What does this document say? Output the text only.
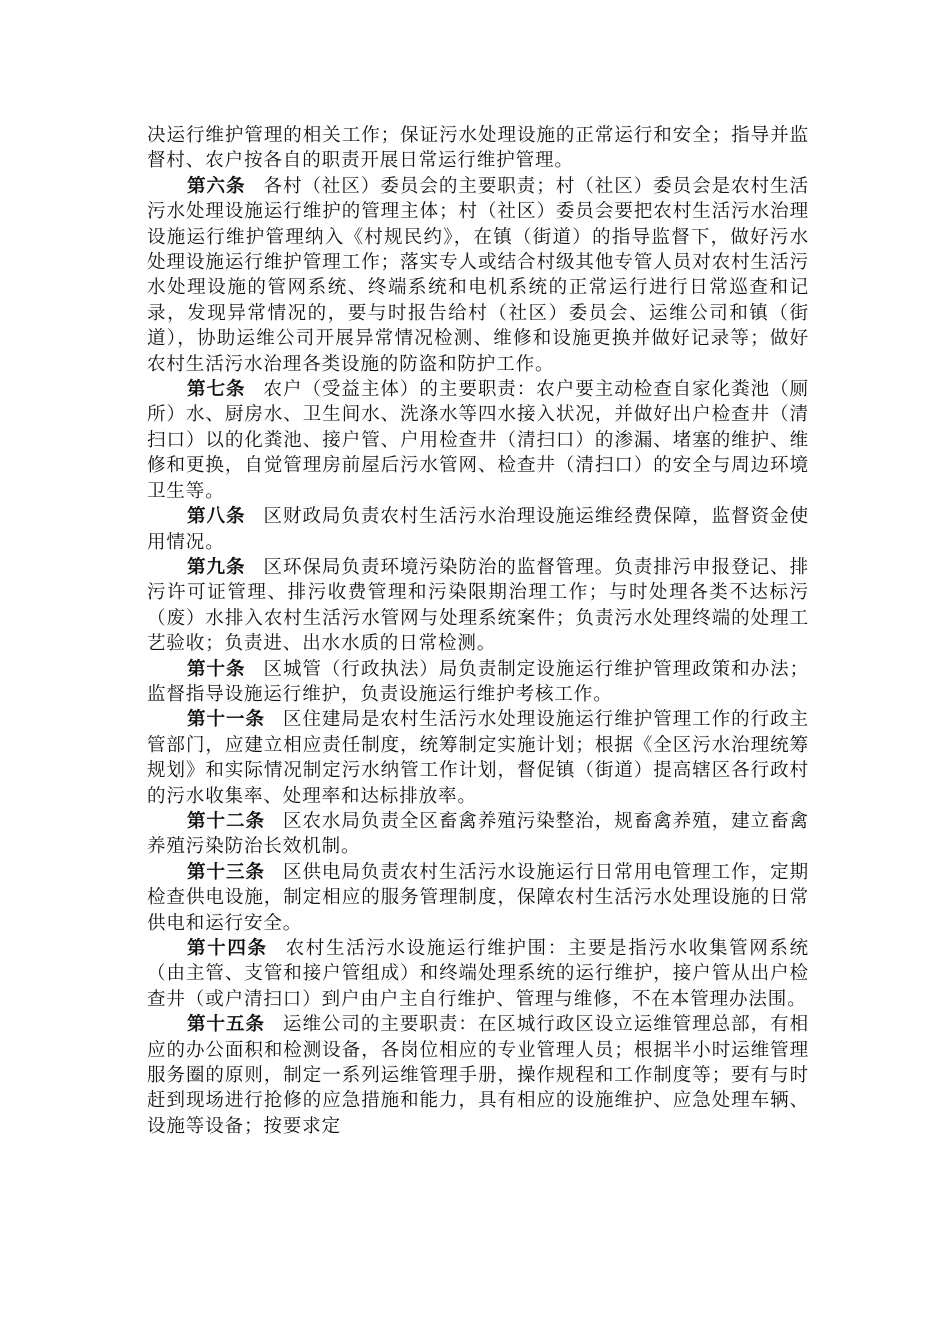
决运行维护管理的相关工作；保证污水处理设施的正常运行和安全；指导并监督村、农户按各自的职责开展日常运行维护管理。

第六条 各村（社区）委员会的主要职责；村（社区）委员会是农村生活污水处理设施运行维护的管理主体；村（社区）委员会要把农村生活污水治理设施运行维护管理纳入《村规民约》，在镇（街道）的指导监督下，做好污水处理设施运行维护管理工作；落实专人或结合村级其他专管人员对农村生活污水处理设施的管网系统、终端系统和电机系统的正常运行进行日常巡查和记录，发现异常情况的，要与时报告给村（社区）委员会、运维公司和镇（街道），协助运维公司开展异常情况检测、维修和设施更换并做好记录等；做好农村生活污水治理各类设施的防盗和防护工作。

第七条 农户（受益主体）的主要职责：农户要主动检查自家化粪池（厕所）水、厨房水、卫生间水、洗涤水等四水接入状况，并做好出户检查井（清扫口）以的化粪池、接户管、户用检查井（清扫口）的渗漏、堵塞的维护、维修和更换，自觉管理房前屋后污水管网、检查井（清扫口）的安全与周边环境卫生等。

第八条 区财政局负责农村生活污水治理设施运维经费保障，监督资金使用情况。

第九条 区环保局负责环境污染防治的监督管理。负责排污申报登记、排污许可证管理、排污收费管理和污染限期治理工作；与时处理各类不达标污（废）水排入农村生活污水管网与处理系统案件；负责污水处理终端的处理工艺验收；负责进、出水水质的日常检测。

第十条 区城管（行政执法）局负责制定设施运行维护管理政策和办法；监督指导设施运行维护，负责设施运行维护考核工作。

第十一条 区住建局是农村生活污水处理设施运行维护管理工作的行政主管部门，应建立相应责任制度，统筹制定实施计划；根据《全区污水治理统筹规划》和实际情况制定污水纳管工作计划，督促镇（街道）提高辖区各行政村的污水收集率、处理率和达标排放率。

第十二条 区农水局负责全区畜禽养殖污染整治，规畜禽养殖，建立畜禽养殖污染防治长效机制。

第十三条 区供电局负责农村生活污水设施运行日常用电管理工作，定期检查供电设施，制定相应的服务管理制度，保障农村生活污水处理设施的日常供电和运行安全。

第十四条 农村生活污水设施运行维护围：主要是指污水收集管网系统（由主管、支管和接户管组成）和终端处理系统的运行维护，接户管从出户检查井（或户清扫口）到户由户主自行维护、管理与维修，不在本管理办法围。

第十五条 运维公司的主要职责：在区城行政区设立运维管理总部，有相应的办公面积和检测设备，各岗位相应的专业管理人员；根据半小时运维管理服务圈的原则，制定一系列运维管理手册，操作规程和工作制度等；要有与时赶到现场进行抢修的应急措施和能力，具有相应的设施维护、应急处理车辆、设施等设备；按要求定
